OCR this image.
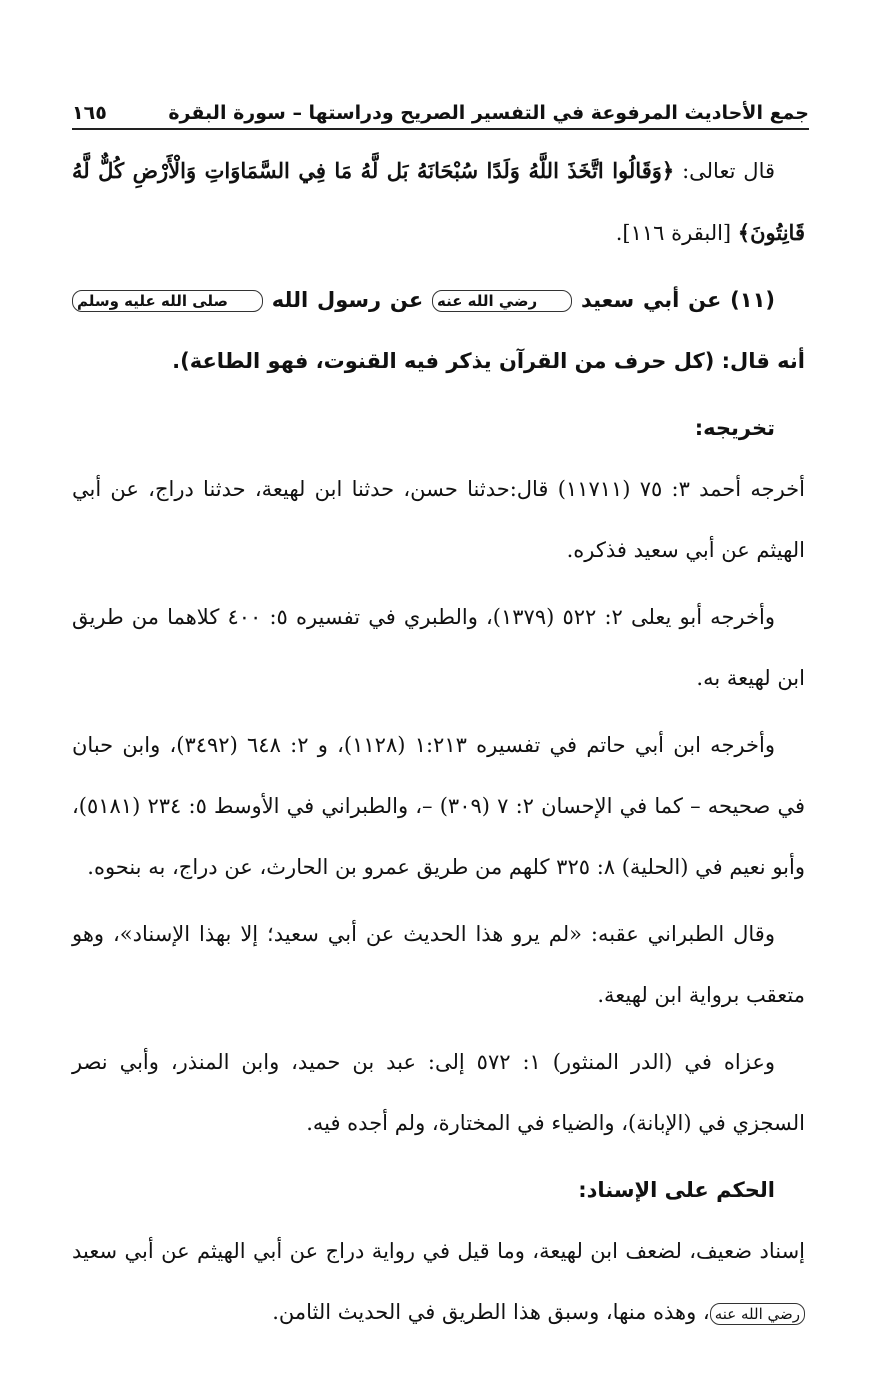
جمع الأحاديث المرفوعة في التفسير الصريح ودراستها – سورة البقرة
١٦٥

قال تعالى: ﴿وَقَالُوا اتَّخَذَ اللَّهُ وَلَدًا سُبْحَانَهُ بَل لَّهُ مَا فِي السَّمَاوَاتِ وَالْأَرْضِ كُلٌّ لَّهُ قَانِتُونَ﴾ [البقرة ١١٦].

(١١) عن أبي سعيد رضي الله عنه عن رسول الله صلى الله عليه وسلم أنه قال: (كل حرف من القرآن يذكر فيه القنوت، فهو الطاعة).

تخريجه:

أخرجه أحمد ٣: ٧٥ (١١٧١١) قال:حدثنا حسن، حدثنا ابن لهيعة، حدثنا دراج، عن أبي الهيثم عن أبي سعيد فذكره.

وأخرجه أبو يعلى ٢: ٥٢٢ (١٣٧٩)، والطبري في تفسيره ٥: ٤٠٠ كلاهما من طريق ابن لهيعة به.

وأخرجه ابن أبي حاتم في تفسيره ١:٢١٣ (١١٢٨)، و ٢: ٦٤٨ (٣٤٩٢)، وابن حبان في صحيحه – كما في الإحسان ٢: ٧ (٣٠٩) –، والطبراني في الأوسط ٥: ٢٣٤ (٥١٨١)، وأبو نعيم في (الحلية) ٨: ٣٢٥ كلهم من طريق عمرو بن الحارث، عن دراج، به بنحوه.

وقال الطبراني عقبه: «لم يرو هذا الحديث عن أبي سعيد؛ إلا بهذا الإسناد»، وهو متعقب برواية ابن لهيعة.

وعزاه في (الدر المنثور) ١: ٥٧٢ إلى: عبد بن حميد، وابن المنذر، وأبي نصر السجزي في (الإبانة)، والضياء في المختارة، ولم أجده فيه.

الحكم على الإسناد:

إسناد ضعيف، لضعف ابن لهيعة، وما قيل في رواية دراج عن أبي الهيثم عن أبي سعيد رضي الله عنه، وهذه منها، وسبق هذا الطريق في الحديث الثامن.
